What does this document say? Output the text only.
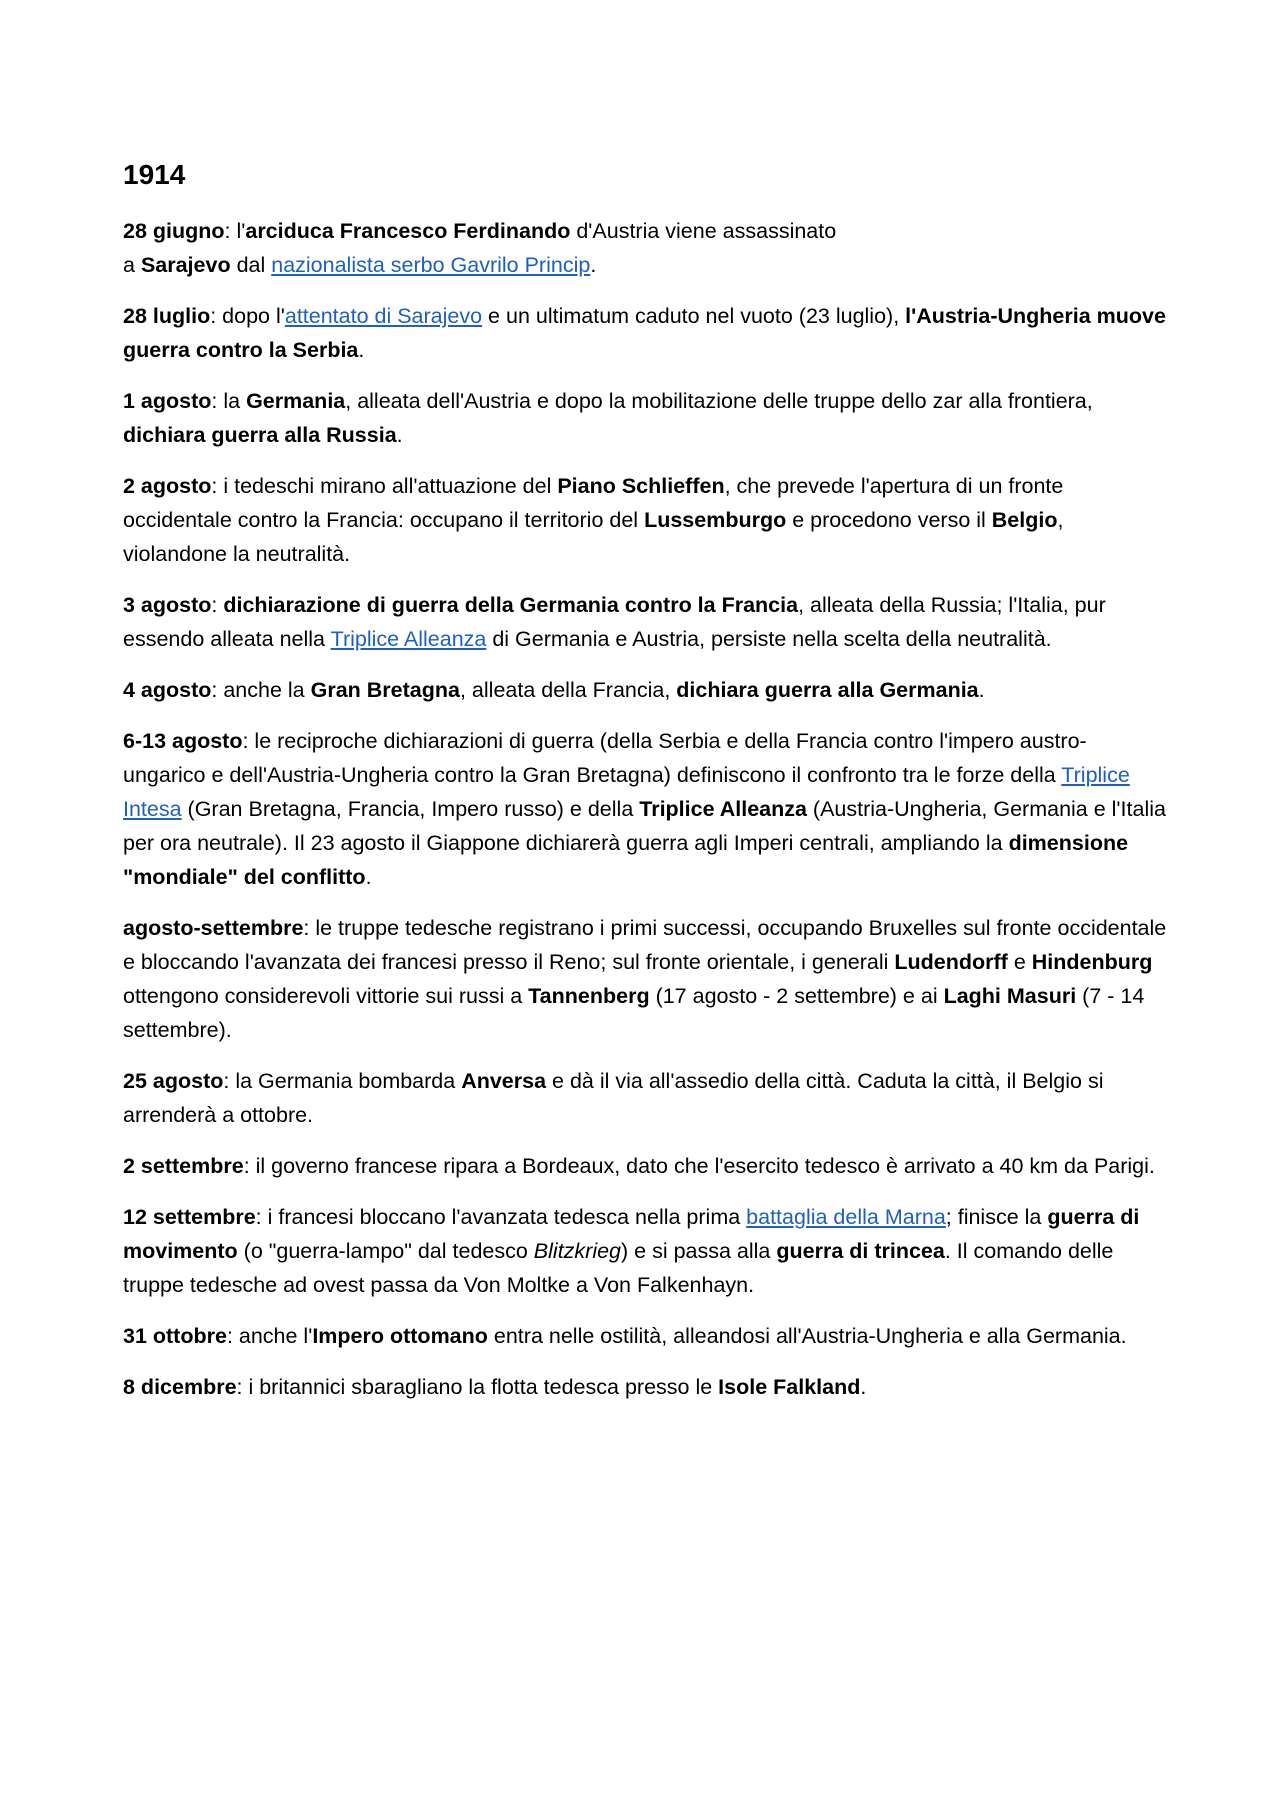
1914

28 giugno: l'arciduca Francesco Ferdinando d'Austria viene assassinato
a Sarajevo dal nazionalista serbo Gavrilo Princip.

28 luglio: dopo l'attentato di Sarajevo e un ultimatum caduto nel vuoto (23 luglio), l'Austria-Ungheria muove guerra contro la Serbia.

1 agosto: la Germania, alleata dell'Austria e dopo la mobilitazione delle truppe dello zar alla frontiera, dichiara guerra alla Russia.

2 agosto: i tedeschi mirano all'attuazione del Piano Schlieffen, che prevede l'apertura di un fronte occidentale contro la Francia: occupano il territorio del Lussemburgo e procedono verso il Belgio, violandone la neutralità.

3 agosto: dichiarazione di guerra della Germania contro la Francia, alleata della Russia; l'Italia, pur essendo alleata nella Triplice Alleanza di Germania e Austria, persiste nella scelta della neutralità.

4 agosto: anche la Gran Bretagna, alleata della Francia, dichiara guerra alla Germania.

6-13 agosto: le reciproche dichiarazioni di guerra (della Serbia e della Francia contro l'impero austro-ungarico e dell'Austria-Ungheria contro la Gran Bretagna) definiscono il confronto tra le forze della Triplice Intesa (Gran Bretagna, Francia, Impero russo) e della Triplice Alleanza (Austria-Ungheria, Germania e l'Italia per ora neutrale). Il 23 agosto il Giappone dichiarerà guerra agli Imperi centrali, ampliando la dimensione "mondiale" del conflitto.

agosto-settembre: le truppe tedesche registrano i primi successi, occupando Bruxelles sul fronte occidentale e bloccando l'avanzata dei francesi presso il Reno; sul fronte orientale, i generali Ludendorff e Hindenburg ottengono considerevoli vittorie sui russi a Tannenberg (17 agosto - 2 settembre) e ai Laghi Masuri (7 - 14 settembre).

25 agosto: la Germania bombarda Anversa e dà il via all'assedio della città. Caduta la città, il Belgio si arrenderà a ottobre.

2 settembre: il governo francese ripara a Bordeaux, dato che l'esercito tedesco è arrivato a 40 km da Parigi.

12 settembre: i francesi bloccano l'avanzata tedesca nella prima battaglia della Marna; finisce la guerra di movimento (o "guerra-lampo" dal tedesco Blitzkrieg) e si passa alla guerra di trincea. Il comando delle truppe tedesche ad ovest passa da Von Moltke a Von Falkenhayn.

31 ottobre: anche l'Impero ottomano entra nelle ostilità, alleandosi all'Austria-Ungheria e alla Germania.

8 dicembre: i britannici sbaragliano la flotta tedesca presso le Isole Falkland.
